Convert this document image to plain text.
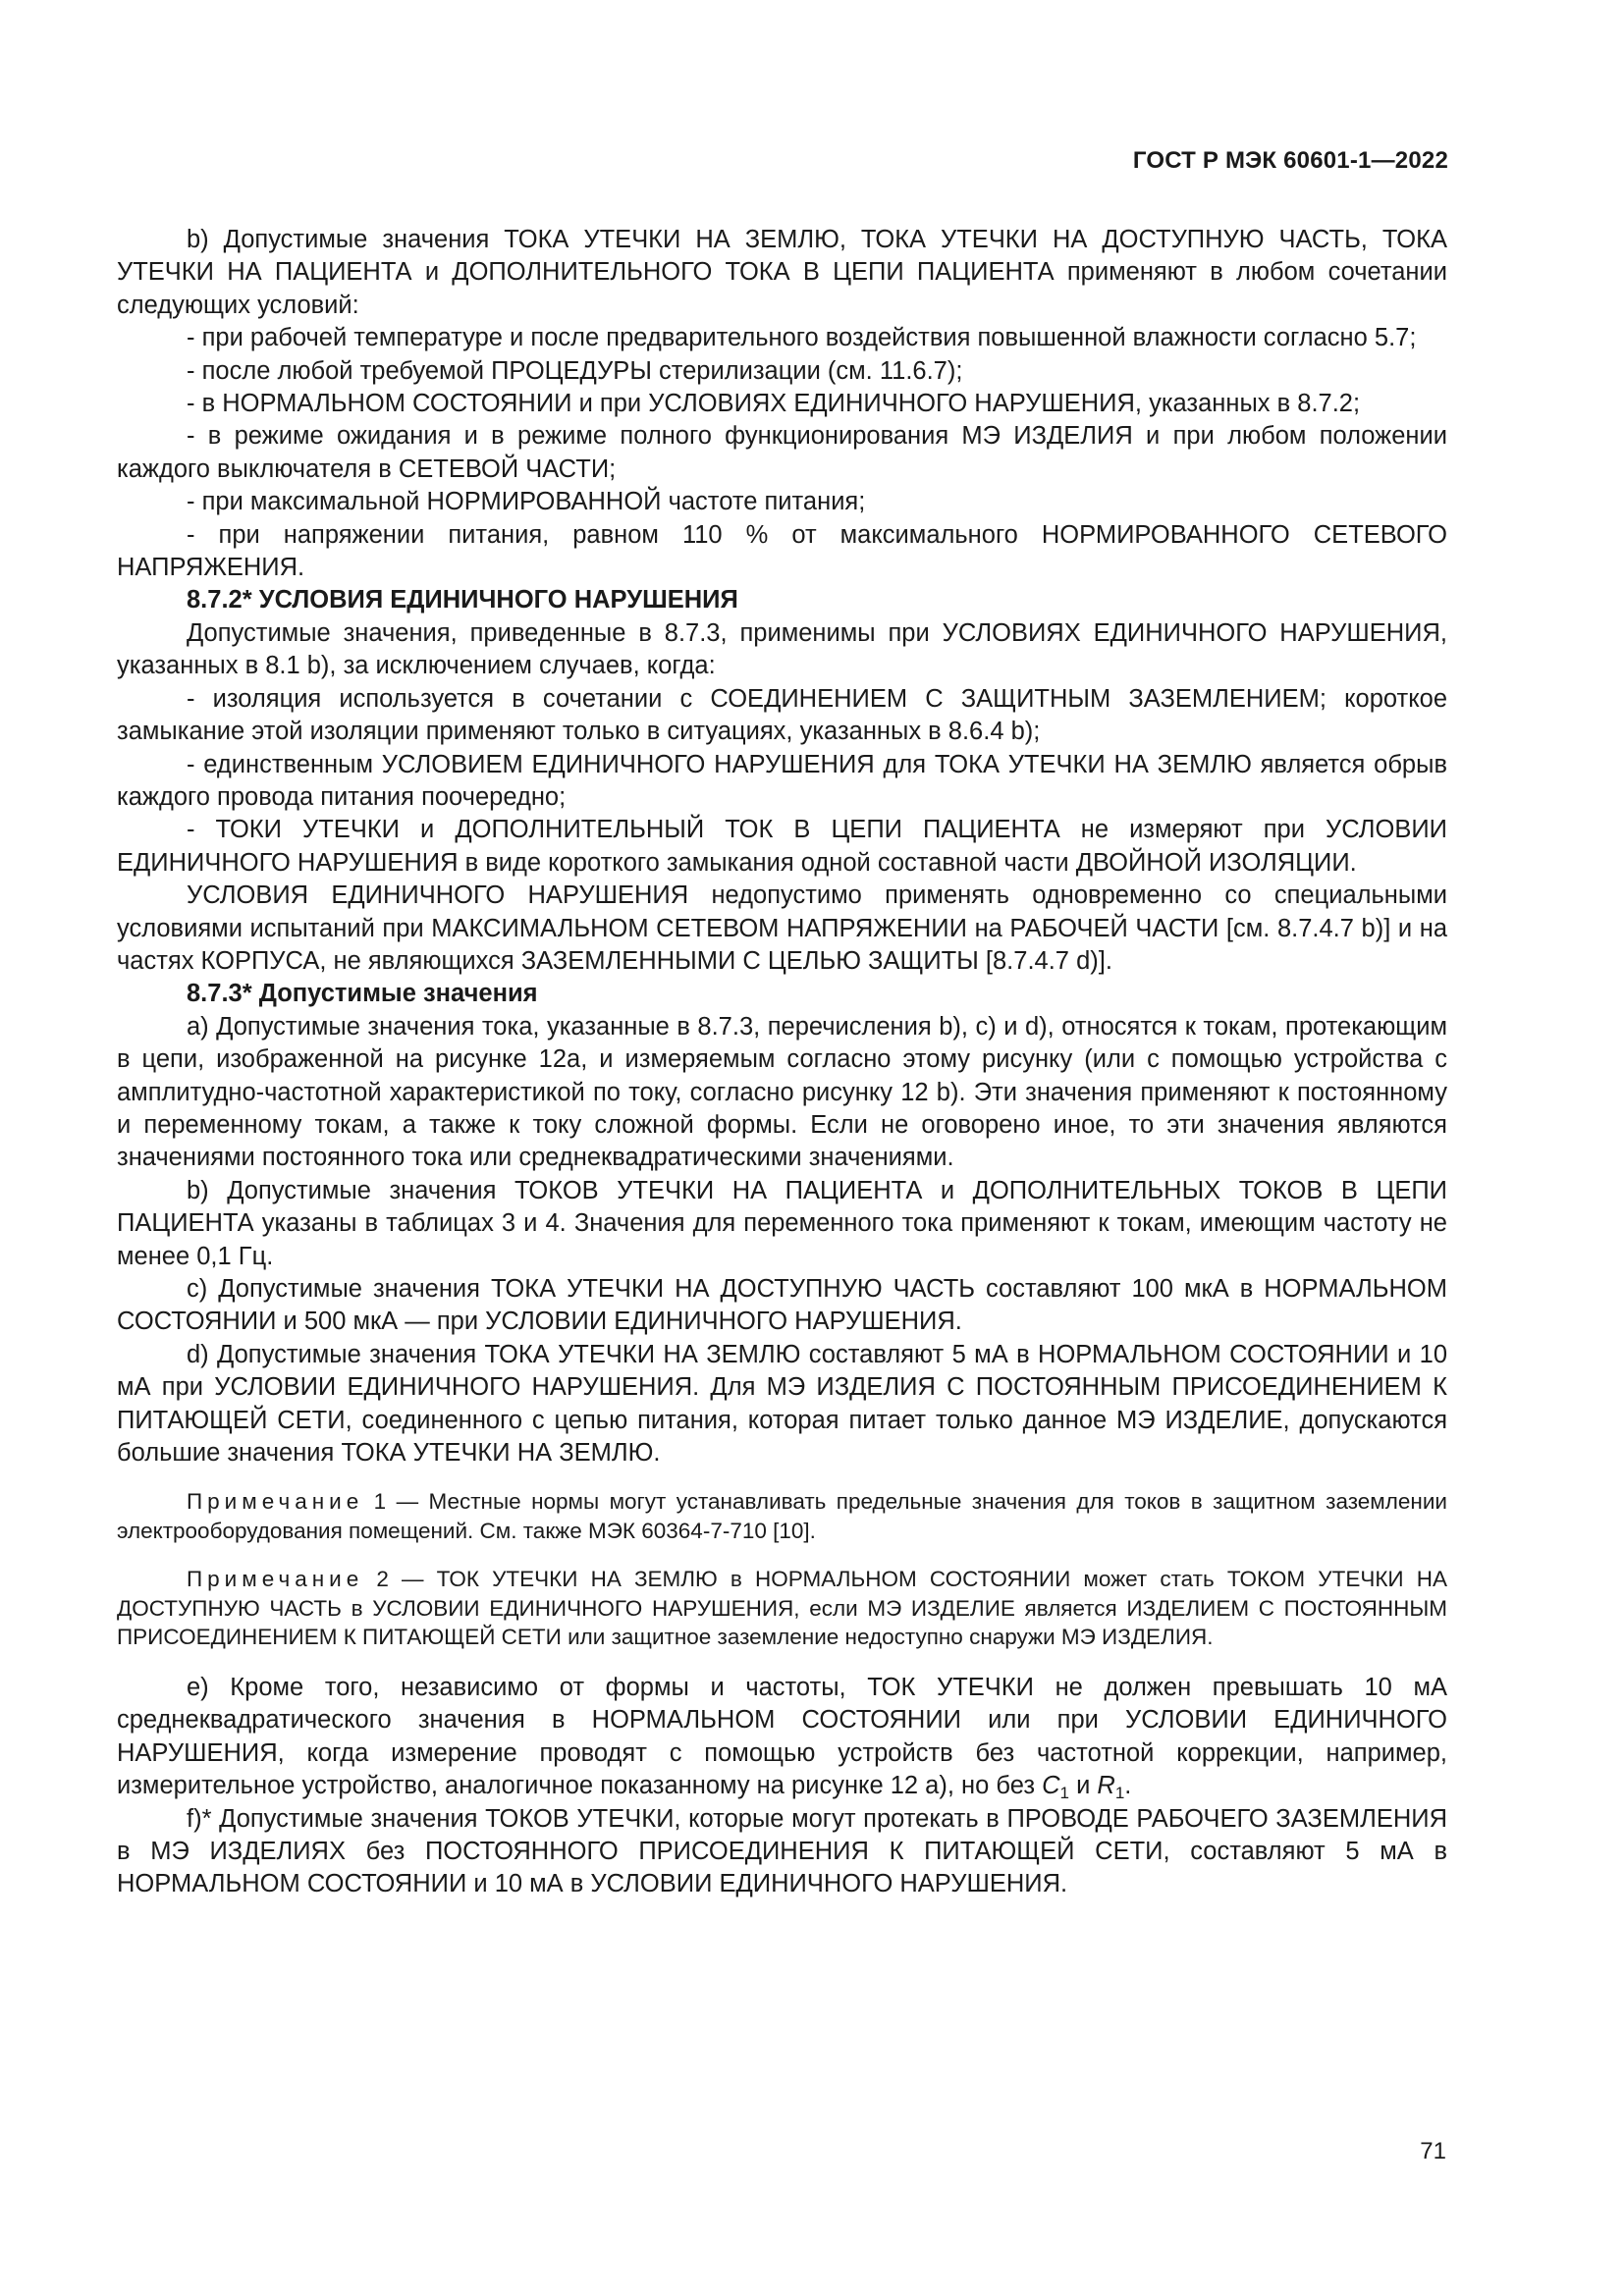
ГОСТ Р МЭК 60601-1—2022

b) Допустимые значения ТОКА УТЕЧКИ НА ЗЕМЛЮ, ТОКА УТЕЧКИ НА ДОСТУПНУЮ ЧАСТЬ, ТОКА УТЕЧКИ НА ПАЦИЕНТА и ДОПОЛНИТЕЛЬНОГО ТОКА В ЦЕПИ ПАЦИЕНТА применяют в любом сочетании следующих условий:

- при рабочей температуре и после предварительного воздействия повышенной влажности согласно 5.7;

- после любой требуемой ПРОЦЕДУРЫ стерилизации (см. 11.6.7);

- в НОРМАЛЬНОМ СОСТОЯНИИ и при УСЛОВИЯХ ЕДИНИЧНОГО НАРУШЕНИЯ, указанных в 8.7.2;

- в режиме ожидания и в режиме полного функционирования МЭ ИЗДЕЛИЯ и при любом положении каждого выключателя в СЕТЕВОЙ ЧАСТИ;

- при максимальной НОРМИРОВАННОЙ частоте питания;

- при напряжении питания, равном 110 % от максимального НОРМИРОВАННОГО СЕТЕВОГО НАПРЯЖЕНИЯ.

8.7.2* УСЛОВИЯ ЕДИНИЧНОГО НАРУШЕНИЯ

Допустимые значения, приведенные в 8.7.3, применимы при УСЛОВИЯХ ЕДИНИЧНОГО НАРУШЕНИЯ, указанных в 8.1 b), за исключением случаев, когда:

- изоляция используется в сочетании с СОЕДИНЕНИЕМ С ЗАЩИТНЫМ ЗАЗЕМЛЕНИЕМ; короткое замыкание этой изоляции применяют только в ситуациях, указанных в 8.6.4 b);

- единственным УСЛОВИЕМ ЕДИНИЧНОГО НАРУШЕНИЯ для ТОКА УТЕЧКИ НА ЗЕМЛЮ является обрыв каждого провода питания поочередно;

- ТОКИ УТЕЧКИ и ДОПОЛНИТЕЛЬНЫЙ ТОК В ЦЕПИ ПАЦИЕНТА не измеряют при УСЛОВИИ ЕДИНИЧНОГО НАРУШЕНИЯ в виде короткого замыкания одной составной части ДВОЙНОЙ ИЗОЛЯЦИИ.

УСЛОВИЯ ЕДИНИЧНОГО НАРУШЕНИЯ недопустимо применять одновременно со специальными условиями испытаний при МАКСИМАЛЬНОМ СЕТЕВОМ НАПРЯЖЕНИИ на РАБОЧЕЙ ЧАСТИ [см. 8.7.4.7 b)] и на частях КОРПУСА, не являющихся ЗАЗЕМЛЕННЫМИ С ЦЕЛЬЮ ЗАЩИТЫ [8.7.4.7 d)].

8.7.3* Допустимые значения

a) Допустимые значения тока, указанные в 8.7.3, перечисления b), c) и d), относятся к токам, протекающим в цепи, изображенной на рисунке 12а, и измеряемым согласно этому рисунку (или с помощью устройства с амплитудно-частотной характеристикой по току, согласно рисунку 12 b). Эти значения применяют к постоянному и переменному токам, а также к току сложной формы. Если не оговорено иное, то эти значения являются значениями постоянного тока или среднеквадратическими значениями.

b) Допустимые значения ТОКОВ УТЕЧКИ НА ПАЦИЕНТА и ДОПОЛНИТЕЛЬНЫХ ТОКОВ В ЦЕПИ ПАЦИЕНТА указаны в таблицах 3 и 4. Значения для переменного тока применяют к токам, имеющим частоту не менее 0,1 Гц.

c) Допустимые значения ТОКА УТЕЧКИ НА ДОСТУПНУЮ ЧАСТЬ составляют 100 мкА в НОРМАЛЬНОМ СОСТОЯНИИ и 500 мкА — при УСЛОВИИ ЕДИНИЧНОГО НАРУШЕНИЯ.

d) Допустимые значения ТОКА УТЕЧКИ НА ЗЕМЛЮ составляют 5 мА в НОРМАЛЬНОМ СОСТОЯНИИ и 10 мА при УСЛОВИИ ЕДИНИЧНОГО НАРУШЕНИЯ. Для МЭ ИЗДЕЛИЯ С ПОСТОЯННЫМ ПРИСОЕДИНЕНИЕМ К ПИТАЮЩЕЙ СЕТИ, соединенного с цепью питания, которая питает только данное МЭ ИЗДЕЛИЕ, допускаются большие значения ТОКА УТЕЧКИ НА ЗЕМЛЮ.

Примечание 1 — Местные нормы могут устанавливать предельные значения для токов в защитном заземлении электрооборудования помещений. См. также МЭК 60364-7-710 [10].

Примечание 2 — ТОК УТЕЧКИ НА ЗЕМЛЮ в НОРМАЛЬНОМ СОСТОЯНИИ может стать ТОКОМ УТЕЧКИ НА ДОСТУПНУЮ ЧАСТЬ в УСЛОВИИ ЕДИНИЧНОГО НАРУШЕНИЯ, если МЭ ИЗДЕЛИЕ является ИЗДЕЛИЕМ С ПОСТОЯННЫМ ПРИСОЕДИНЕНИЕМ К ПИТАЮЩЕЙ СЕТИ или защитное заземление недоступно снаружи МЭ ИЗДЕЛИЯ.

e) Кроме того, независимо от формы и частоты, ТОК УТЕЧКИ не должен превышать 10 мА среднеквадратического значения в НОРМАЛЬНОМ СОСТОЯНИИ или при УСЛОВИИ ЕДИНИЧНОГО НАРУШЕНИЯ, когда измерение проводят с помощью устройств без частотной коррекции, например, измерительное устройство, аналогичное показанному на рисунке 12 а), но без $C_1$ и $R_1$.

f)* Допустимые значения ТОКОВ УТЕЧКИ, которые могут протекать в ПРОВОДЕ РАБОЧЕГО ЗАЗЕМЛЕНИЯ в МЭ ИЗДЕЛИЯХ без ПОСТОЯННОГО ПРИСОЕДИНЕНИЯ К ПИТАЮЩЕЙ СЕТИ, составляют 5 мА в НОРМАЛЬНОМ СОСТОЯНИИ и 10 мА в УСЛОВИИ ЕДИНИЧНОГО НАРУШЕНИЯ.

71
